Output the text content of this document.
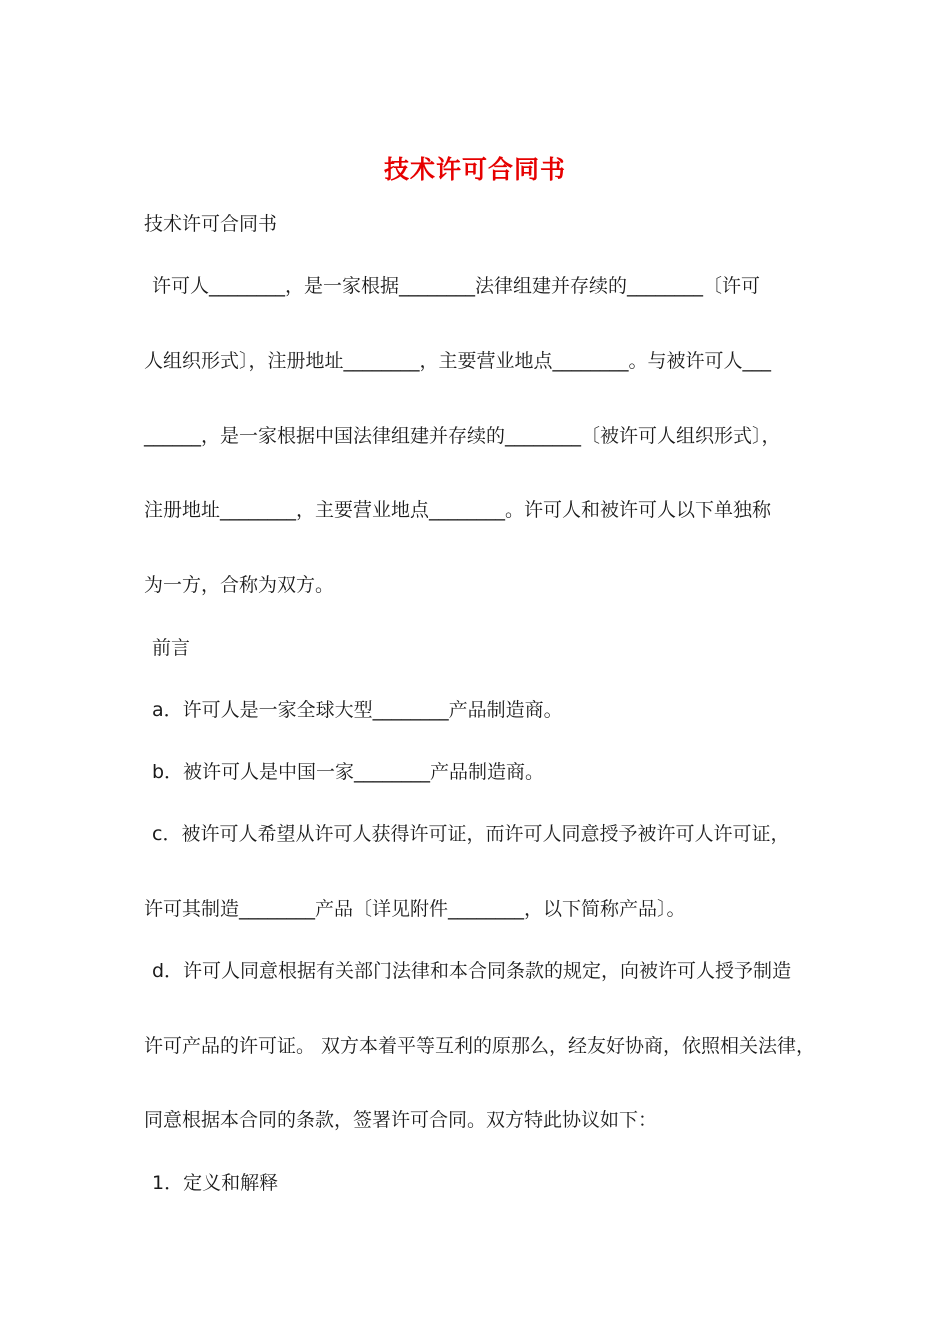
技术许可合同书
技术许可合同书
许可人________，是一家根据________法律组建并存续的________〔许可
人组织形式〕，注册地址________，主要营业地点________。与被许可人___
______，是一家根据中国法律组建并存续的________〔被许可人组织形式〕，
注册地址________，主要营业地点________。许可人和被许可人以下单独称
为一方，合称为双方。
前言
a．许可人是一家全球大型________产品制造商。
b．被许可人是中国一家________产品制造商。
c．被许可人希望从许可人获得许可证，而许可人同意授予被许可人许可证，
许可其制造________产品〔详见附件________，以下简称产品〕。
d．许可人同意根据有关部门法律和本合同条款的规定，向被许可人授予制造
许可产品的许可证。 双方本着平等互利的原那么，经友好协商，依照相关法律，
同意根据本合同的条款，签署许可合同。双方特此协议如下：
1．定义和解释
